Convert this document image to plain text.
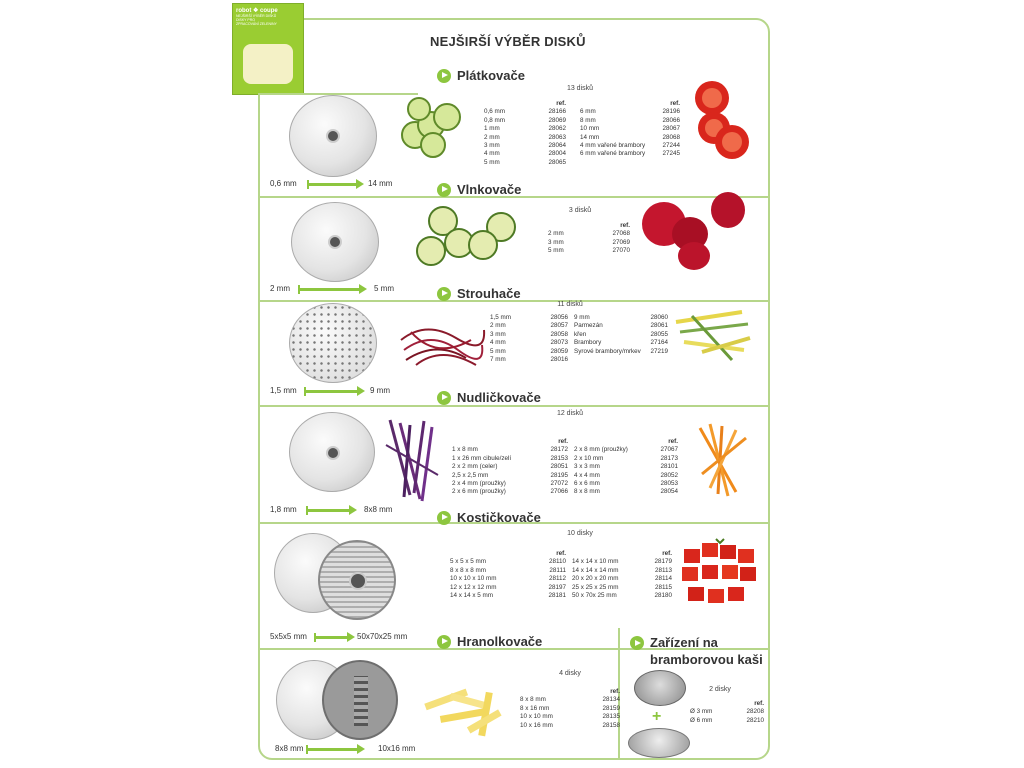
robot ❖ coupe
NEJŠIRŠÍ VÝBĚR DISKŮ
DISKY PRO
ZPRACOVÁNÍ ZELENINY
NEJŠIRŠÍ VÝBĚR DISKŮ
Plátkovače
13 disků
ref.
0,6 mm	28166
0,8 mm	28069
1 mm	28062
2 mm	28063
3 mm	28064
4 mm	28004
5 mm	28065
ref.
6 mm	28196
8 mm	28066
10 mm	28067
14 mm	28068
4 mm vařené brambory	27244
6 mm vařené brambory	27245
0,6 mm	14 mm	Vlnkovače
3 disků
ref.
2 mm	27068
3 mm	27069
5 mm	27070
2 mm	5 mm	Strouhače
11 disků
1,5 mm	28056
2 mm	28057
3 mm	28058
4 mm	28073
5 mm	28059
7 mm	28016
9 mm	28060
Parmezán	28061
křen	28055
Brambory	27164
Syrové brambory/mrkev 27219
1,5 mm	9 mm	Nudličkovače
12 disků
ref.
1 x 8 mm	28172
1 x 26 mm cibule/zelí	28153
2 x 2 mm (celer)	28051
2,5 x 2,5 mm	28195
2 x 4 mm (proužky)	27072
2 x 6 mm (proužky)	27066
ref.
2 x 8 mm (proužky)	27067
2 x 10 mm	28173
3 x 3 mm	28101
4 x 4 mm	28052
6 x 6 mm	28053
8 x 8 mm	28054
1,8 mm	8x8 mm
Kostičkovače
10 disky
ref.
5 x 5 x 5 mm	28110
8 x 8 x 8 mm	28111
10 x 10 x 10 mm	28112
12 x 12 x 12 mm	28197
14 x 14 x 5 mm	28181
ref.
14 x 14 x 10 mm	28179
14 x 14 x 14 mm	28113
20 x 20 x 20 mm	28114
25 x 25 x 25 mm	28115
50 x 70x 25 mm	28180
5x5x5 mm	50x70x25 mm	Hranolkovače
4 disky
ref.
8 x 8 mm	28134
8 x 16 mm	28159
10 x 10 mm	28135
10 x 16 mm	28158
8x8 mm	10x16 mm
Zařízení na
bramborovou kaši
2 disky
+
ref.
Ø 3 mm	28208
Ø 6 mm	28210
